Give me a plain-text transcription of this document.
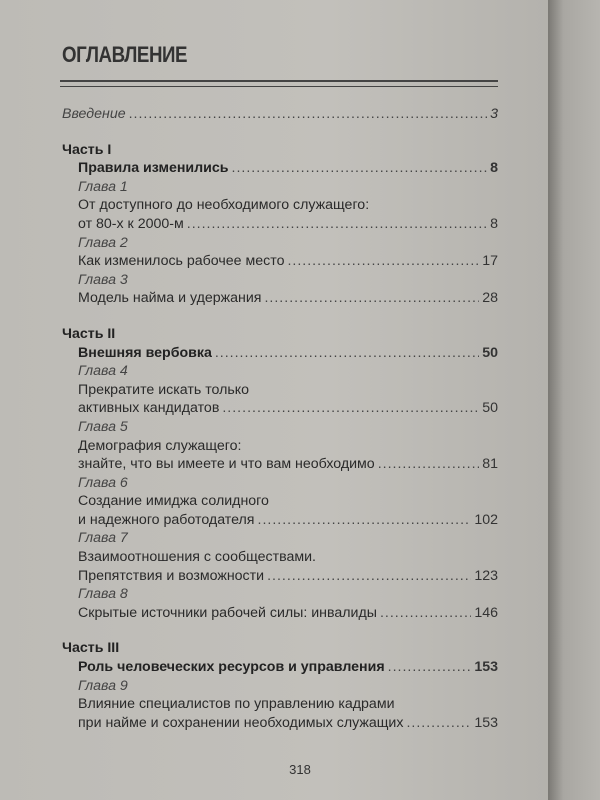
ОГЛАВЛЕНИЕ
Введение .....	3
Часть I
Правила изменились .....	8
Глава 1
От доступного до необходимого служащего:
от 80-х к 2000-м .....	8
Глава 2
Как изменилось рабочее место .....	17
Глава 3
Модель найма и удержания .....	28
Часть II
Внешняя вербовка .....	50
Глава 4
Прекратите искать только
активных кандидатов .....	50
Глава 5
Демография служащего:
знайте, что вы имеете и что вам необходимо .....	81
Глава 6
Создание имиджа солидного
и надежного работодателя .....	102
Глава 7
Взаимоотношения с сообществами.
Препятствия и возможности .....	123
Глава 8
Скрытые источники рабочей силы: инвалиды .....	146
Часть III
Роль человеческих ресурсов и управления .....	153
Глава 9
Влияние специалистов по управлению кадрами
при найме и сохранении необходимых служащих .....	153
318
